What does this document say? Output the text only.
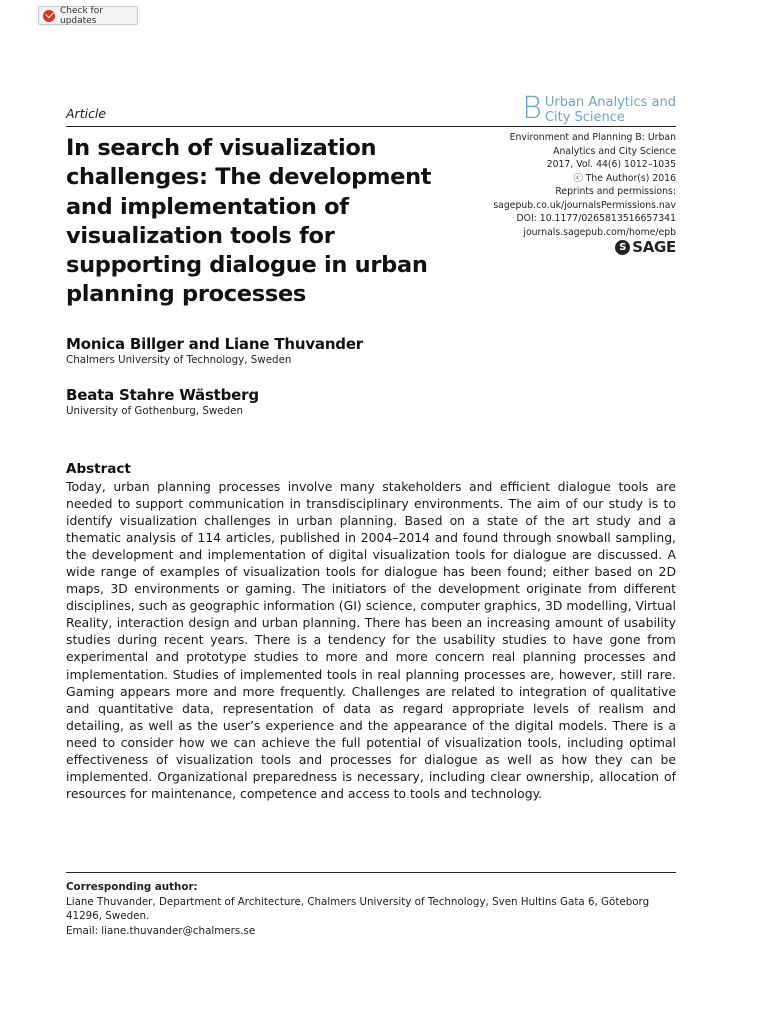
Check for updates
Article	B Urban Analytics and
City Science
Environment and Planning B: Urban
Analytics and City Science
2017, Vol. 44(6) 1012–1035
ⓒ The Author(s) 2016
Reprints and permissions:
sagepub.co.uk/journalsPermissions.nav
DOI: 10.1177/0265813516657341
journals.sagepub.com/home/epb
S SAGE
In search of visualization challenges: The development and implementation of visualization tools for supporting dialogue in urban planning processes
Monica Billger and Liane Thuvander
Chalmers University of Technology, Sweden
Beata Stahre Wästberg
University of Gothenburg, Sweden
Abstract

Today, urban planning processes involve many stakeholders and efficient dialogue tools are needed to support communication in transdisciplinary environments. The aim of our study is to identify visualization challenges in urban planning. Based on a state of the art study and a thematic analysis of 114 articles, published in 2004–2014 and found through snowball sampling, the development and implementation of digital visualization tools for dialogue are discussed. A wide range of examples of visualization tools for dialogue has been found; either based on 2D maps, 3D environments or gaming. The initiators of the development originate from different disciplines, such as geographic information (GI) science, computer graphics, 3D modelling, Virtual Reality, interaction design and urban planning. There has been an increasing amount of usability studies during recent years. There is a tendency for the usability studies to have gone from experimental and prototype studies to more and more concern real planning processes and implementation. Studies of implemented tools in real planning processes are, however, still rare. Gaming appears more and more frequently. Challenges are related to integration of qualitative and quantitative data, representation of data as regard appropriate levels of realism and detailing, as well as the user’s experience and the appearance of the digital models. There is a need to consider how we can achieve the full potential of visualization tools, including optimal effectiveness of visualization tools and processes for dialogue as well as how they can be implemented. Organizational preparedness is necessary, including clear ownership, allocation of resources for maintenance, competence and access to tools and technology.

Corresponding author:
Liane Thuvander, Department of Architecture, Chalmers University of Technology, Sven Hultins Gata 6, Göteborg 41296, Sweden.
Email: liane.thuvander@chalmers.se
